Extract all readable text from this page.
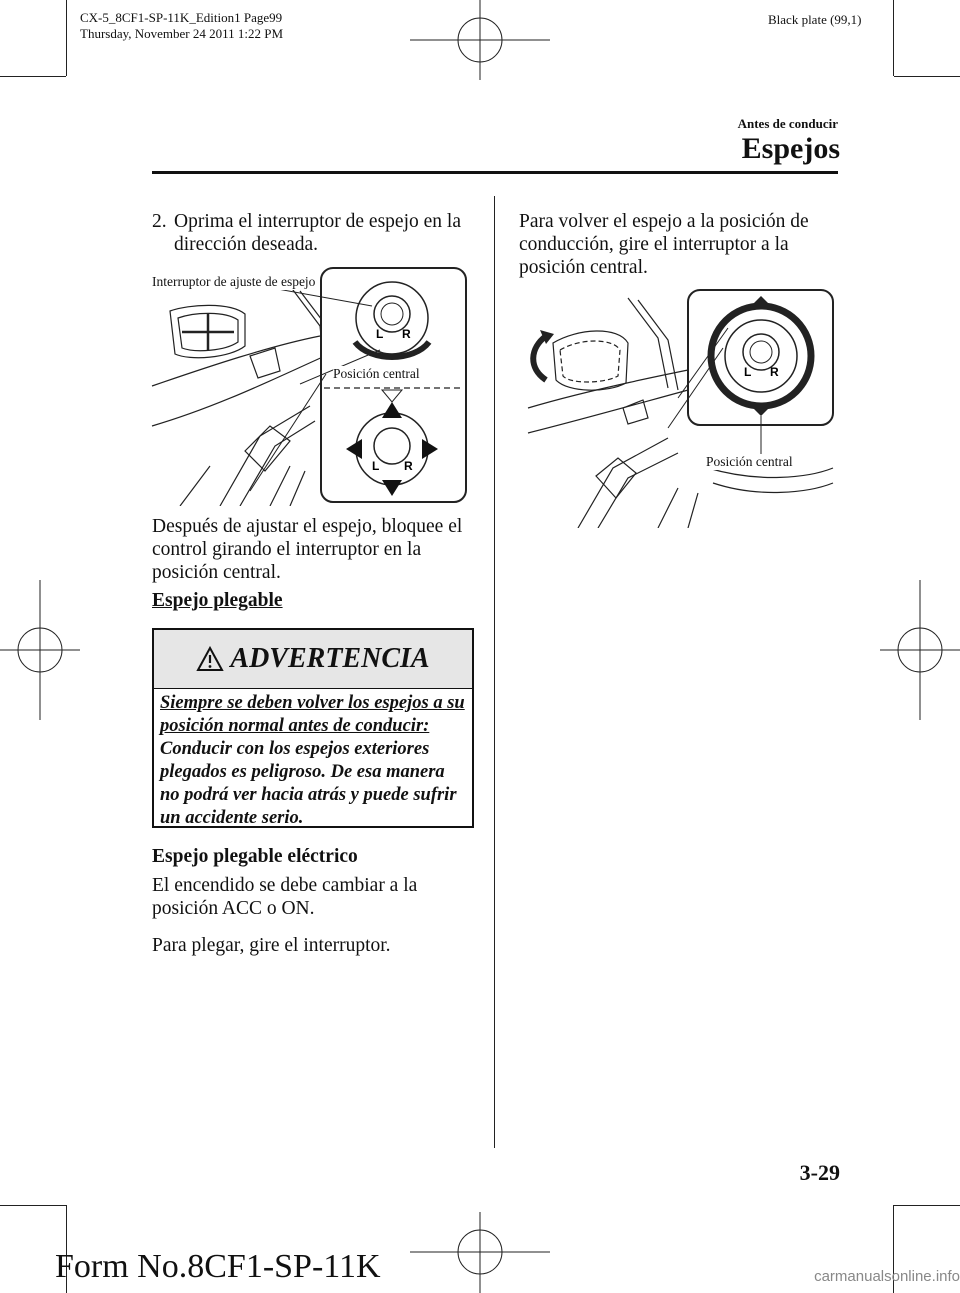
CX-5_8CF1-SP-11K_Edition1 Page99
Thursday, November 24 2011 1:22 PM
Black plate (99,1)
Antes de conducir
Espejos
2. Oprima el interruptor de espejo en la dirección deseada.
L R
L R
Interruptor de ajuste de espejo
Posición central
Después de ajustar el espejo, bloquee el control girando el interruptor en la posición central.
Espejo plegable
ADVERTENCIA
Siempre se deben volver los espejos a su posición normal antes de conducir: Conducir con los espejos exteriores plegados es peligroso. De esa manera no podrá ver hacia atrás y puede sufrir un accidente serio.
Espejo plegable eléctrico
El encendido se debe cambiar a la posición ACC o ON.
Para plegar, gire el interruptor.
Para volver el espejo a la posición de conducción, gire el interruptor a la posición central.
L R
Posición central
3-29
Form No.8CF1-SP-11K	carmanualsonline.info
